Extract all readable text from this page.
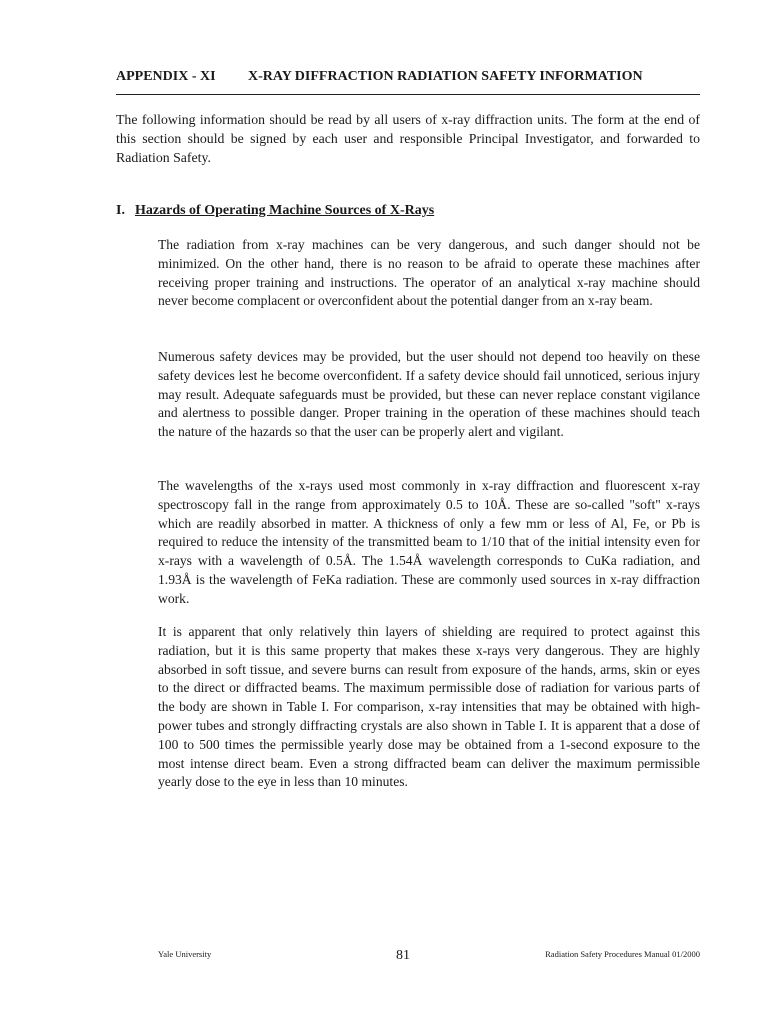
APPENDIX - XI X-RAY DIFFRACTION RADIATION SAFETY INFORMATION

The following information should be read by all users of x-ray diffraction units. The form at the end of this section should be signed by each user and responsible Principal Investigator, and forwarded to Radiation Safety.

I. Hazards of Operating Machine Sources of X-Rays

The radiation from x-ray machines can be very dangerous, and such danger should not be minimized. On the other hand, there is no reason to be afraid to operate these machines after receiving proper training and instructions. The operator of an analytical x-ray machine should never become complacent or overconfident about the potential danger from an x-ray beam.

Numerous safety devices may be provided, but the user should not depend too heavily on these safety devices lest he become overconfident. If a safety device should fail unnoticed, serious injury may result. Adequate safeguards must be provided, but these can never replace constant vigilance and alertness to possible danger. Proper training in the operation of these machines should teach the nature of the hazards so that the user can be properly alert and vigilant.

The wavelengths of the x-rays used most commonly in x-ray diffraction and fluorescent x-ray spectroscopy fall in the range from approximately 0.5 to 10Å. These are so-called "soft" x-rays which are readily absorbed in matter. A thickness of only a few mm or less of Al, Fe, or Pb is required to reduce the intensity of the transmitted beam to 1/10 that of the initial intensity even for x-rays with a wavelength of 0.5Å. The 1.54Å wavelength corresponds to CuKa radiation, and 1.93Å is the wavelength of FeKa radiation. These are commonly used sources in x-ray diffraction work.

It is apparent that only relatively thin layers of shielding are required to protect against this radiation, but it is this same property that makes these x-rays very dangerous. They are highly absorbed in soft tissue, and severe burns can result from exposure of the hands, arms, skin or eyes to the direct or diffracted beams. The maximum permissible dose of radiation for various parts of the body are shown in Table I. For comparison, x-ray intensities that may be obtained with high-power tubes and strongly diffracting crystals are also shown in Table I. It is apparent that a dose of 100 to 500 times the permissible yearly dose may be obtained from a 1-second exposure to the most intense direct beam. Even a strong diffracted beam can deliver the maximum permissible yearly dose to the eye in less than 10 minutes.

Yale University	81	Radiation Safety Procedures Manual 01/2000
